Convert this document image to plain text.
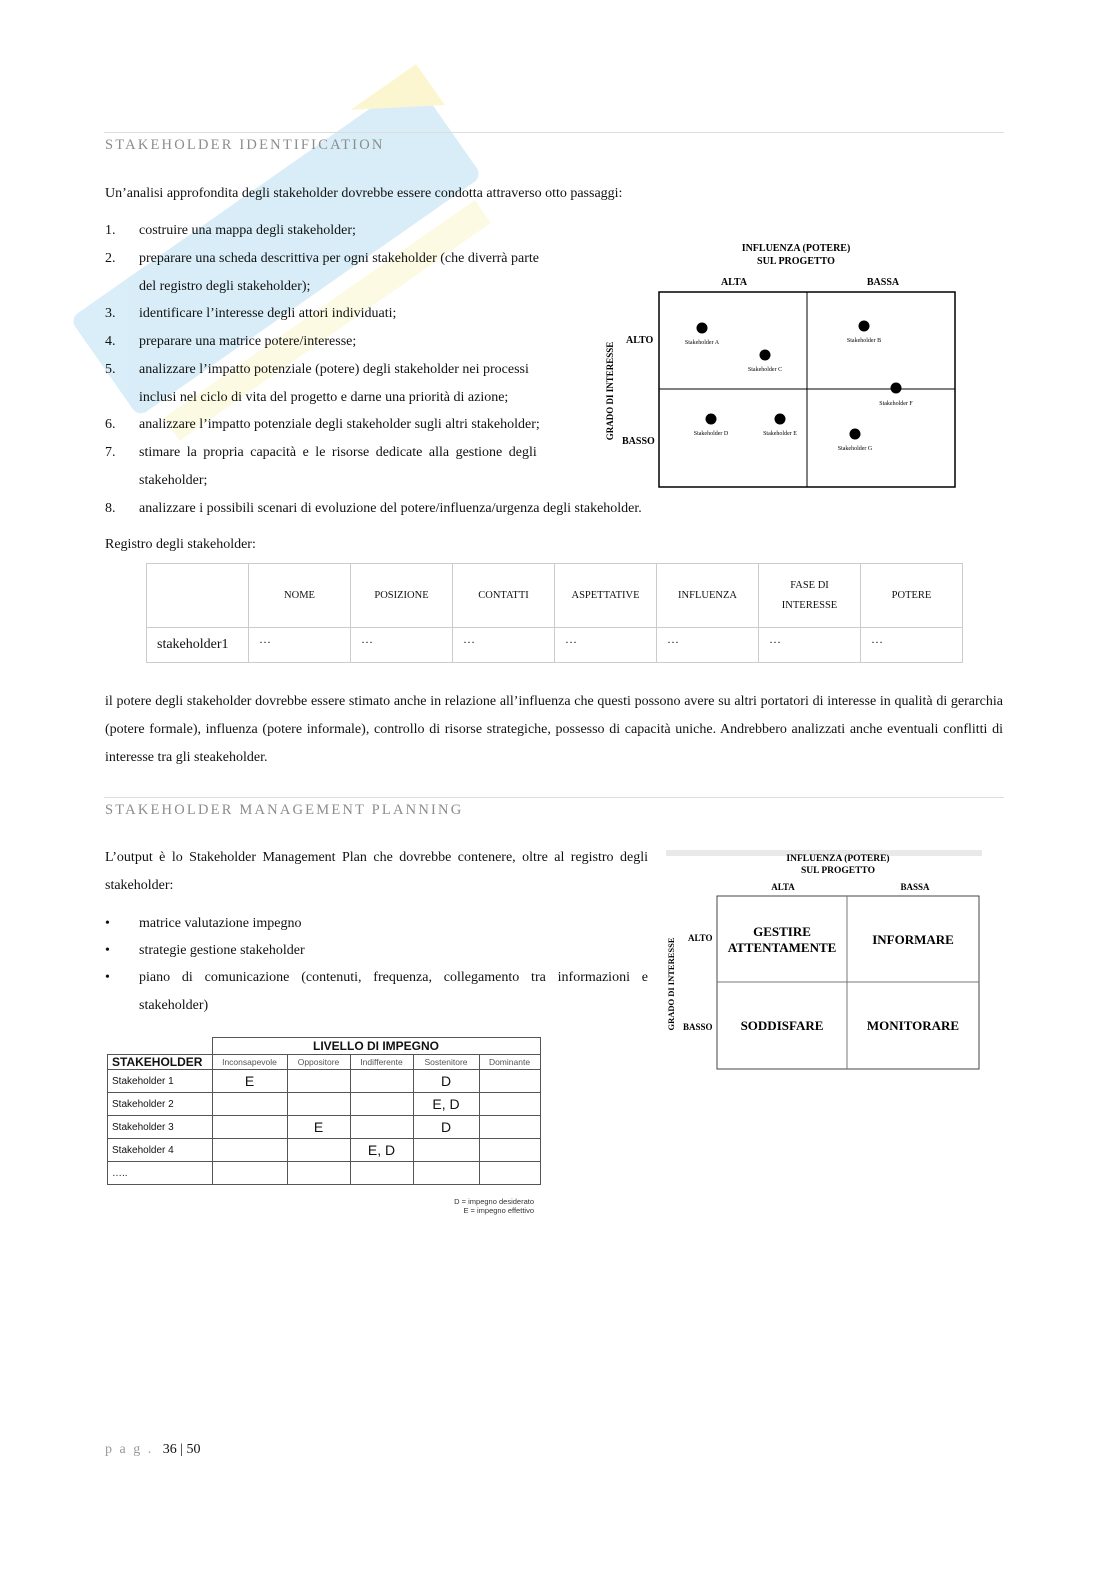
STAKEHOLDER IDENTIFICATION
Un’analisi approfondita degli stakeholder dovrebbe essere condotta attraverso otto passaggi:
1. costruire una mappa degli stakeholder;
2. preparare una scheda descrittiva per ogni stakeholder (che diverrà parte
del registro degli stakeholder);
3. identificare l’interesse degli attori individuati;
4. preparare una matrice potere/interesse;
5. analizzare l’impatto potenziale (potere) degli stakeholder nei processi
inclusi nel ciclo di vita del progetto e darne una priorità di azione;
6. analizzare l’impatto potenziale degli stakeholder sugli altri stakeholder;
7. stimare la propria capacità e le risorse dedicate alla gestione degli
stakeholder;
8. analizzare i possibili scenari di evoluzione del potere/influenza/urgenza degli stakeholder.
INFLUENZA (POTERE)
SUL PROGETTO
ALTA	BASSA
ALTO
BASSO
GRADO DI INTERESSE	Stakeholder A	Stakeholder B
Stakeholder C
Stakeholder F
Stakeholder D	Stakeholder E
Stakeholder G
Registro degli stakeholder:
	NOME	POSIZIONE	CONTATTI	ASPETTATIVE	INFLUENZA	FASE DI
INTERESSE	POTERE
stakeholder1	…	…	…	…	…	…	…
il potere degli stakeholder dovrebbe essere stimato anche in relazione all’influenza che questi possono avere su altri portatori di interesse in qualità di gerarchia (potere formale), influenza (potere informale), controllo di risorse strategiche, possesso di capacità uniche. Andrebbero analizzati anche eventuali conflitti di interesse tra gli steakeholder.
STAKEHOLDER MANAGEMENT PLANNING
L’output è lo Stakeholder Management Plan che dovrebbe contenere, oltre al registro degli stakeholder:
• matrice valutazione impegno
• strategie gestione stakeholder
• piano di comunicazione (contenuti, frequenza, collegamento tra informazioni e stakeholder)
INFLUENZA (POTERE)
SUL PROGETTO
ALTA	BASSA
ALTO
BASSO
GRADO DI INTERESSE
GESTIRE
ATTENTAMENTE
INFORMARE
SODDISFARE	MONITORARE
	LIVELLO DI IMPEGNO				
STAKEHOLDER	Inconsapevole	Oppositore	Indifferente	Sostenitore	Dominante
Stakeholder 1	E			D	
Stakeholder 2				E, D	
Stakeholder 3		E		D	
Stakeholder 4			E, D		
…..					
D = impegno desiderato
E = impegno effettivo
p a g . 36 | 50
